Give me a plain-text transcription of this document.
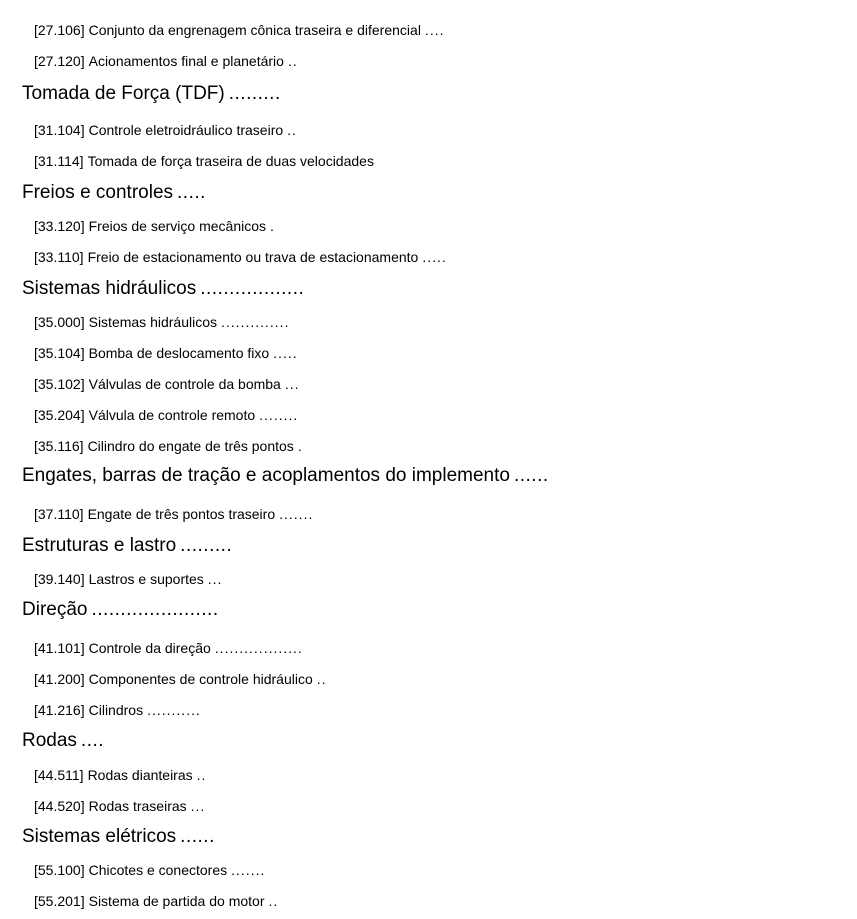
[27.106] Conjunto da engrenagem cônica traseira e diferencial ....
[27.120] Acionamentos final e planetário ..
Tomada de Força (TDF) .........
[31.104] Controle eletroidráulico traseiro ..
[31.114] Tomada de força traseira de duas velocidades
Freios e controles .....
[33.120] Freios de serviço mecânicos .
[33.110] Freio de estacionamento ou trava de estacionamento .....
Sistemas hidráulicos ..................
[35.000] Sistemas hidráulicos ..............
[35.104] Bomba de deslocamento fixo .....
[35.102] Válvulas de controle da bomba ...
[35.204] Válvula de controle remoto ........
[35.116] Cilindro do engate de três pontos .
Engates, barras de tração e acoplamentos do implemento ......
[37.110] Engate de três pontos traseiro .......
Estruturas e lastro .........
[39.140] Lastros e suportes ...
Direção ......................
[41.101] Controle da direção ..................
[41.200] Componentes de controle hidráulico ..
[41.216] Cilindros ...........
Rodas ....
[44.511] Rodas dianteiras ..
[44.520] Rodas traseiras ...
Sistemas elétricos ......
[55.100] Chicotes e conectores .......
[55.201] Sistema de partida do motor ..
